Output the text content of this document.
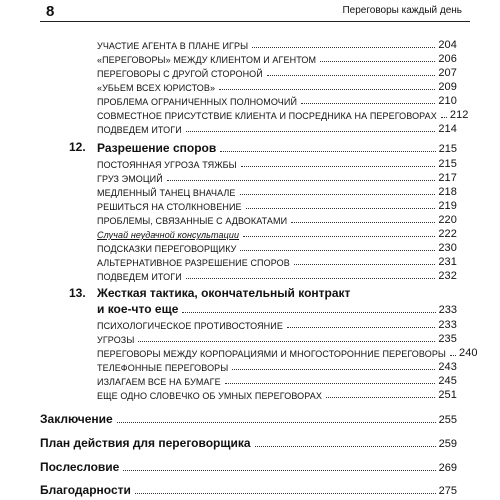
8	Переговоры каждый день
УЧАСТИЕ АГЕНТА В ПЛАНЕ ИГРЫ	204
«ПЕРЕГОВОРЫ» МЕЖДУ КЛИЕНТОМ И АГЕНТОМ	206
ПЕРЕГОВОРЫ С ДРУГОЙ СТОРОНОЙ	207
«УБЬЕМ ВСЕХ ЮРИСТОВ»	209
ПРОБЛЕМА ОГРАНИЧЕННЫХ ПОЛНОМОЧИЙ	210
СОВМЕСТНОЕ ПРИСУТСТВИЕ КЛИЕНТА И ПОСРЕДНИКА НА ПЕРЕГОВОРАХ 212
ПОДВЕДЕМ ИТОГИ	214
12. Разрешение споров	215
ПОСТОЯННАЯ УГРОЗА ТЯЖБЫ	215
ГРУЗ ЭМОЦИЙ	217
МЕДЛЕННЫЙ ТАНЕЦ ВНАЧАЛЕ	218
РЕШИТЬСЯ НА СТОЛКНОВЕНИЕ	219
ПРОБЛЕМЫ, СВЯЗАННЫЕ С АДВОКАТАМИ	220
Случай неудачной консультации	222
ПОДСКАЗКИ ПЕРЕГОВОРЩИКУ	230
АЛЬТЕРНАТИВНОЕ РАЗРЕШЕНИЕ СПОРОВ	231
ПОДВЕДЕМ ИТОГИ	232
13. Жесткая тактика, окончательный контракт
и кое-что еще	233
ПСИХОЛОГИЧЕСКОЕ ПРОТИВОСТОЯНИЕ	233
УГРОЗЫ	235
ПЕРЕГОВОРЫ МЕЖДУ КОРПОРАЦИЯМИ И МНОГОСТОРОННИЕ ПЕРЕГОВОРЫ 240
ТЕЛЕФОННЫЕ ПЕРЕГОВОРЫ	243
ИЗЛАГАЕМ ВСЕ НА БУМАГЕ	245
ЕЩЕ ОДНО СЛОВЕЧКО ОБ УМНЫХ ПЕРЕГОВОРАХ	251
Заключение	255
План действия для переговорщика	259
Послесловие	269
Благодарности	275
